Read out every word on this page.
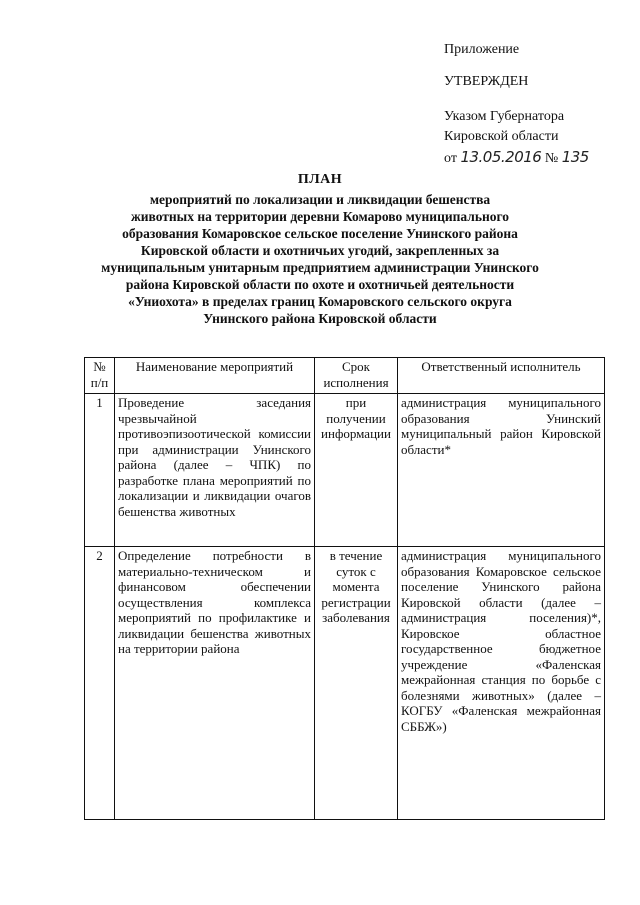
Приложение
УТВЕРЖДЕН
Указом Губернатора
Кировской области
от 13.05.2016 № 135
ПЛАН
мероприятий по локализации и ликвидации бешенства
животных на территории деревни Комарово муниципального
образования Комаровское сельское поселение Унинского района
Кировской области и охотничьих угодий, закрепленных за
муниципальным унитарным предприятием администрации Унинского
района Кировской области по охоте и охотничьей деятельности
«Униохота» в пределах границ Комаровского сельского округа
Унинского района Кировской области
№ п/п	Наименование мероприятий	Срок исполнения	Ответственный исполнитель
1	Проведение заседания чрезвычайной противоэпизоотической комиссии при администрации Унинского района (далее – ЧПК) по разработке плана мероприятий по локализации и ликвидации очагов бешенства животных	при получении информации	администрация муниципального образования Унинский муниципальный район Кировской области*
2	Определение потребности в материально-техническом и финансовом обеспечении осуществления комплекса мероприятий по профилактике и ликвидации бешенства животных на территории района	в течение суток с момента регистрации заболевания	администрация муниципального образования Комаровское сельское поселение Унинского района Кировской области (далее – администрация поселения)*, Кировское областное государственное бюджетное учреждение «Фаленская межрайонная станция по борьбе с болезнями животных» (далее – КОГБУ «Фаленская межрайонная СББЖ»)
